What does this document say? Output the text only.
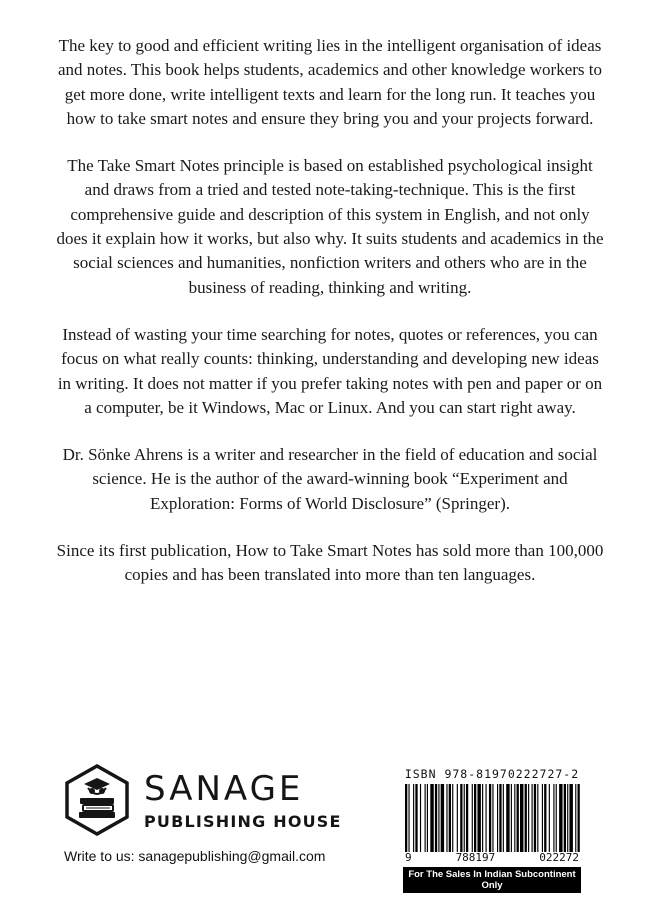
The key to good and efficient writing lies in the intelligent organisation of ideas and notes. This book helps students, academics and other knowledge workers to get more done, write intelligent texts and learn for the long run. It teaches you how to take smart notes and ensure they bring you and your projects forward.

The Take Smart Notes principle is based on established psychological insight and draws from a tried and tested note-taking-technique. This is the first comprehensive guide and description of this system in English, and not only does it explain how it works, but also why. It suits students and academics in the social sciences and humanities, nonfiction writers and others who are in the business of reading, thinking and writing.

Instead of wasting your time searching for notes, quotes or references, you can focus on what really counts: thinking, understanding and developing new ideas in writing. It does not matter if you prefer taking notes with pen and paper or on a computer, be it Windows, Mac or Linux. And you can start right away.

Dr. Sönke Ahrens is a writer and researcher in the field of education and social science. He is the author of the award-winning book “Experiment and Exploration: Forms of World Disclosure” (Springer).

Since its first publication, How to Take Smart Notes has sold more than 100,000 copies and has been translated into more than ten languages.

SANAGE
PUBLISHING HOUSE
Write to us: sanagepublishing@gmail.com
ISBN 978-81970222727-2
9	788197	022272
For The Sales In Indian Subcontinent Only
